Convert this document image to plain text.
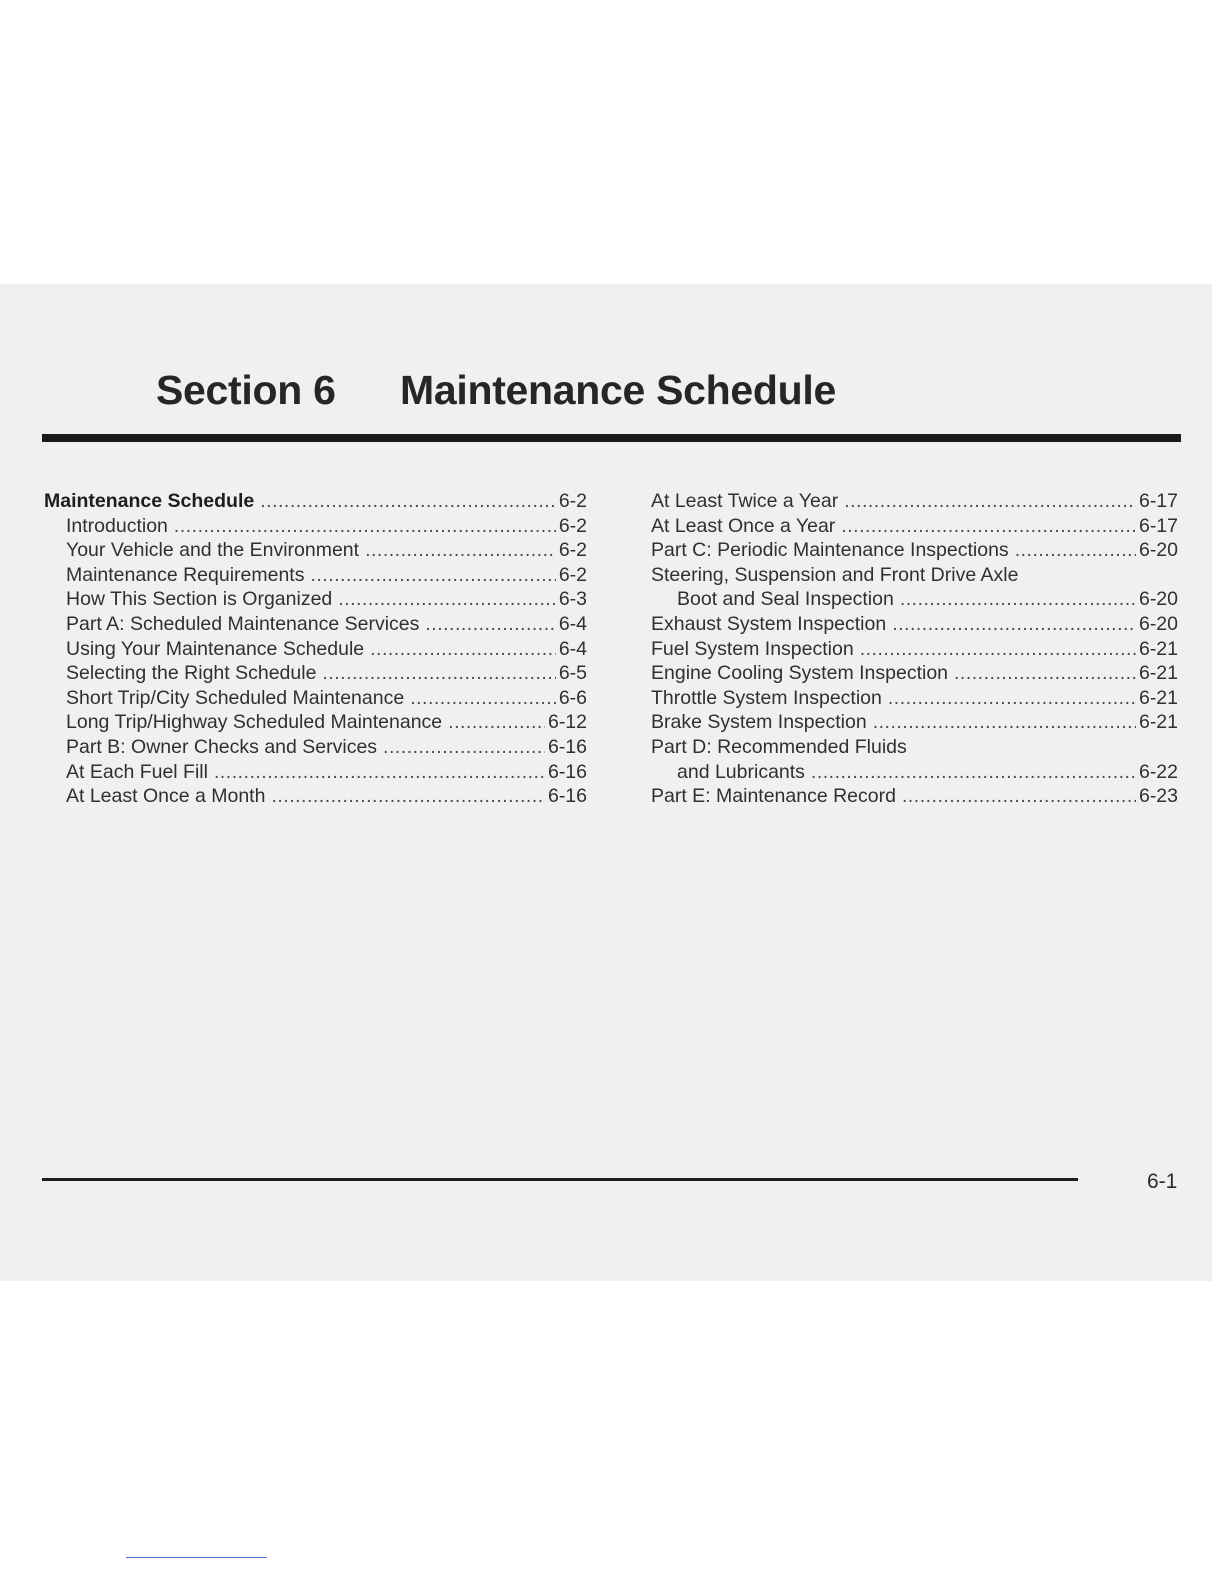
Section 6 Maintenance Schedule
Maintenance Schedule .....	6-2
Introduction .....	6-2
Your Vehicle and the Environment .....	6-2
Maintenance Requirements .....	6-2
How This Section is Organized .....	6-3
Part A: Scheduled Maintenance Services .....	6-4
Using Your Maintenance Schedule .....	6-4
Selecting the Right Schedule .....	6-5
Short Trip/City Scheduled Maintenance .....	6-6
Long Trip/Highway Scheduled Maintenance .....	6-12
Part B: Owner Checks and Services .....	6-16
At Each Fuel Fill .....	6-16
At Least Once a Month .....	6-16
At Least Twice a Year .....	6-17
At Least Once a Year .....	6-17
Part C: Periodic Maintenance Inspections .....	6-20
Steering, Suspension and Front Drive Axle
Boot and Seal Inspection .....	6-20
Exhaust System Inspection .....	6-20
Fuel System Inspection .....	6-21
Engine Cooling System Inspection .....	6-21
Throttle System Inspection .....	6-21
Brake System Inspection .....	6-21
Part D: Recommended Fluids
and Lubricants .....	6-22
Part E: Maintenance Record .....	6-23
6-1
